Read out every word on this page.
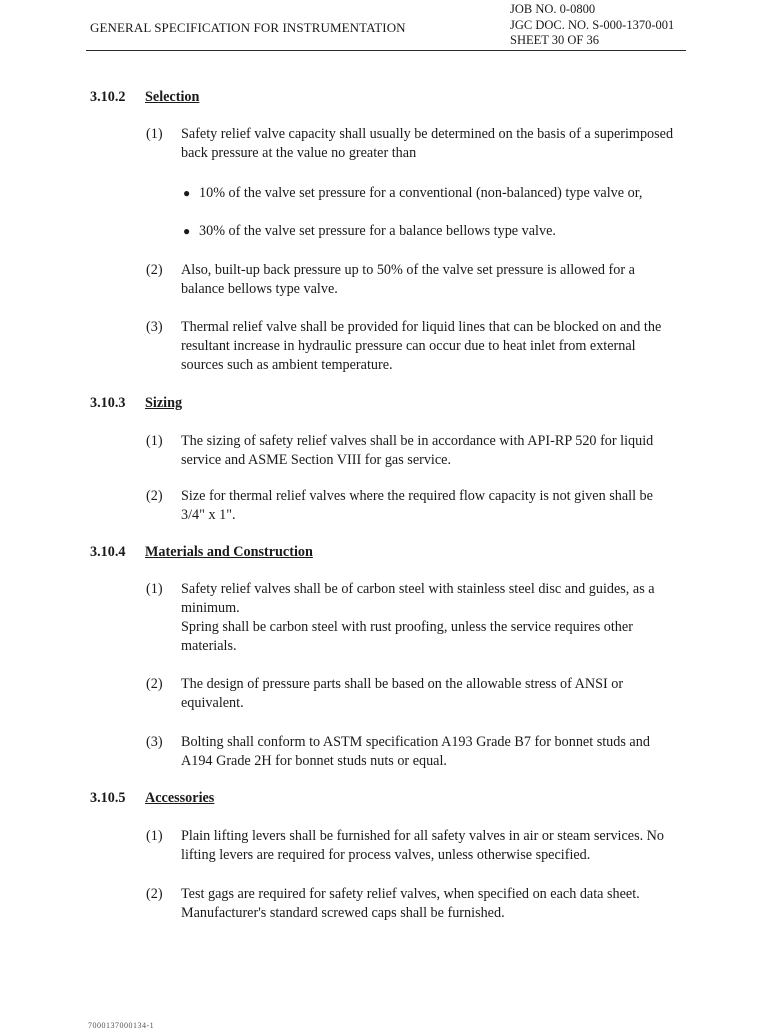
GENERAL SPECIFICATION FOR INSTRUMENTATION
JOB NO. 0-0800
JGC DOC. NO. S-000-1370-001
SHEET 30 OF 36
3.10.2 Selection
(1) Safety relief valve capacity shall usually be determined on the basis of a superimposed
back pressure at the value no greater than
● 10% of the valve set pressure for a conventional (non-balanced) type valve or,
● 30% of the valve set pressure for a balance bellows type valve.
(2) Also, built-up back pressure up to 50% of the valve set pressure is allowed for a
balance bellows type valve.
(3) Thermal relief valve shall be provided for liquid lines that can be blocked on and the
resultant increase in hydraulic pressure can occur due to heat inlet from external
sources such as ambient temperature.
3.10.3 Sizing
(1) The sizing of safety relief valves shall be in accordance with API-RP 520 for liquid
service and ASME Section VIII for gas service.
(2) Size for thermal relief valves where the required flow capacity is not given shall be
3/4" x 1".
3.10.4 Materials and Construction
(1) Safety relief valves shall be of carbon steel with stainless steel disc and guides, as a
minimum.
Spring shall be carbon steel with rust proofing, unless the service requires other
materials.
(2) The design of pressure parts shall be based on the allowable stress of ANSI or
equivalent.
(3) Bolting shall conform to ASTM specification A193 Grade B7 for bonnet studs and
A194 Grade 2H for bonnet studs nuts or equal.
3.10.5 Accessories
(1) Plain lifting levers shall be furnished for all safety valves in air or steam services. No
lifting levers are required for process valves, unless otherwise specified.
(2) Test gags are required for safety relief valves, when specified on each data sheet.
Manufacturer's standard screwed caps shall be furnished.
7000137000134-1
